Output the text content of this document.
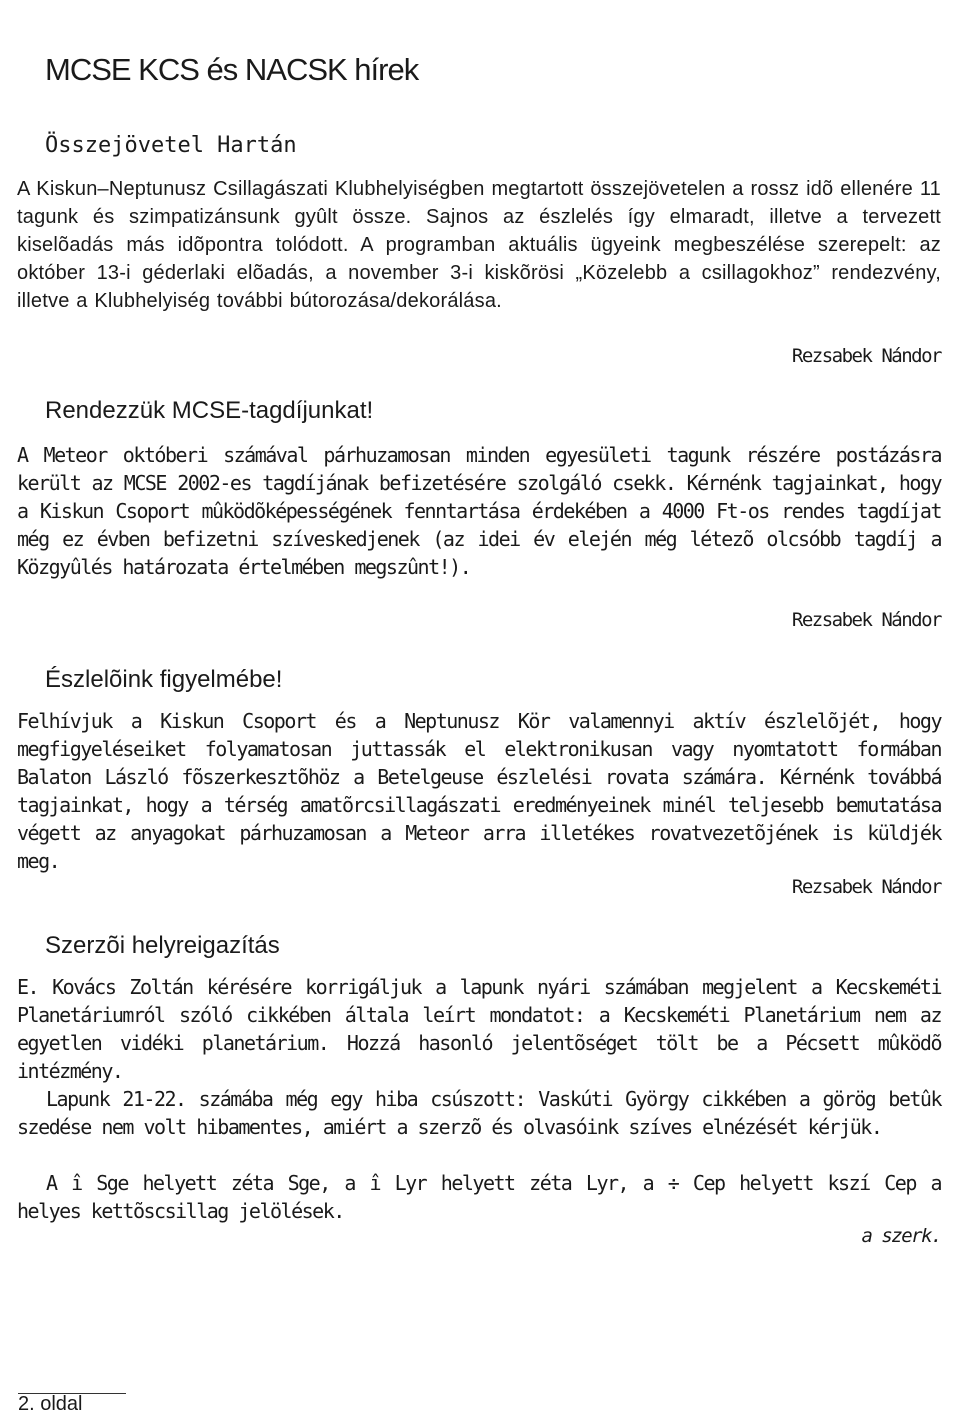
MCSE KCS és NACSK hírek
Összejövetel Hartán

A Kiskun–Neptunusz Csillagászati Klubhelyiségben megtartott összejövetelen a rossz idõ ellenére 11 tagunk és szimpatizánsunk gyûlt össze. Sajnos az észlelés így elmaradt, illetve a tervezett kiselõadás más idõpontra tolódott. A programban aktuális ügyeink megbeszélése szerepelt: az október 13-i géderlaki elõadás, a november 3-i kiskõrösi „Közelebb a csillagokhoz” rendezvény, illetve a Klubhelyiség további bútorozása/dekorálása.

Rezsabek Nándor

Rendezzük MCSE-tagdíjunkat!

A Meteor októberi számával párhuzamosan minden egyesületi tagunk részére postázásra került az MCSE 2002-es tagdíjának befizetésére szolgáló csekk. Kérnénk tagjainkat, hogy a Kiskun Csoport mûködõképességének fenntartása érdekében a 4000 Ft-os rendes tagdíjat még ez évben befizetni szíveskedjenek (az idei év elején még létezõ olcsóbb tagdíj a Közgyûlés határozata értelmében megszûnt!).

Rezsabek Nándor

Észlelõink figyelmébe!

Felhívjuk a Kiskun Csoport és a Neptunusz Kör valamennyi aktív észlelõjét, hogy megfigyeléseiket folyamatosan juttassák el elektronikusan vagy nyomtatott formában Balaton László fõszerkesztõhöz a Betelgeuse észlelési rovata számára. Kérnénk továbbá tagjainkat, hogy a térség amatõrcsillagászati eredményeinek minél teljesebb bemutatása végett az anyagokat párhuzamosan a Meteor arra illetékes rovatvezetõjének is küldjék meg.

Rezsabek Nándor

Szerzõi helyreigazítás

E. Kovács Zoltán kérésére korrigáljuk a lapunk nyári számában megjelent a Kecskeméti Planetáriumról szóló cikkében általa leírt mondatot: a Kecskeméti Planetárium nem az egyetlen vidéki planetárium. Hozzá hasonló jelentõséget tölt be a Pécsett mûködõ intézmény.

Lapunk 21-22. számába még egy hiba csúszott: Vaskúti György cikkében a görög betûk szedése nem volt hibamentes, amiért a szerzõ és olvasóink szíves elnézését kérjük.

A î Sge helyett zéta Sge, a î Lyr helyett zéta Lyr, a ÷ Cep helyett kszí Cep a helyes kettõscsillag jelölések.

a szerk.

2. oldal
